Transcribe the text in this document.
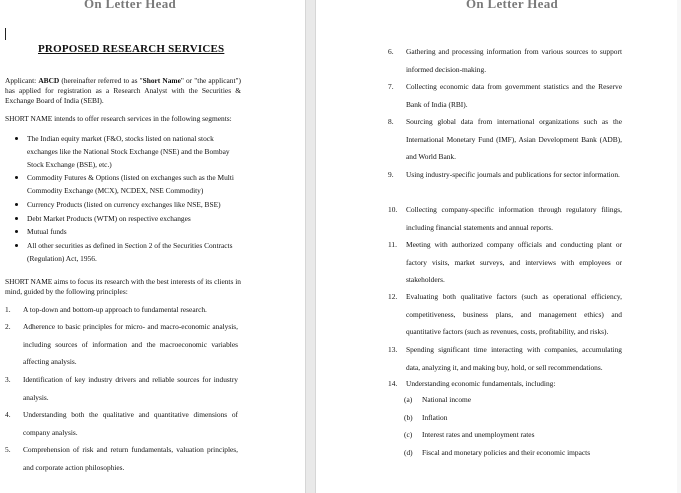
On Letter Head
PROPOSED RESEARCH SERVICES
Applicant: ABCD (hereinafter referred to as "Short Name" or "the applicant") has applied for registration as a Research Analyst with the Securities & Exchange Board of India (SEBI).
SHORT NAME intends to offer research services in the following segments:
The Indian equity market (F&O, stocks listed on national stock exchanges like the National Stock Exchange (NSE) and the Bombay Stock Exchange (BSE), etc.)
Commodity Futures & Options (listed on exchanges such as the Multi Commodity Exchange (MCX), NCDEX, NSE Commodity)
Currency Products (listed on currency exchanges like NSE, BSE)
Debt Market Products (WTM) on respective exchanges
Mutual funds
All other securities as defined in Section 2 of the Securities Contracts (Regulation) Act, 1956.
SHORT NAME aims to focus its research with the best interests of its clients in mind, guided by the following principles:
1. A top-down and bottom-up approach to fundamental research.
2. Adherence to basic principles for micro- and macro-economic analysis, including sources of information and the macroeconomic variables affecting analysis.
3. Identification of key industry drivers and reliable sources for industry analysis.
4. Understanding both the qualitative and quantitative dimensions of company analysis.
5. Comprehension of risk and return fundamentals, valuation principles, and corporate action philosophies.
On Letter Head
6. Gathering and processing information from various sources to support informed decision-making.
7. Collecting economic data from government statistics and the Reserve Bank of India (RBI).
8. Sourcing global data from international organizations such as the International Monetary Fund (IMF), Asian Development Bank (ADB), and World Bank.
9. Using industry-specific journals and publications for sector information.
10. Collecting company-specific information through regulatory filings, including financial statements and annual reports.
11. Meeting with authorized company officials and conducting plant or factory visits, market surveys, and interviews with employees or stakeholders.
12. Evaluating both qualitative factors (such as operational efficiency, competitiveness, business plans, and management ethics) and quantitative factors (such as revenues, costs, profitability, and risks).
13. Spending significant time interacting with companies, accumulating data, analyzing it, and making buy, hold, or sell recommendations.
14. Understanding economic fundamentals, including:
(a) National income
(b) Inflation
(c) Interest rates and unemployment rates
(d) Fiscal and monetary policies and their economic impacts
